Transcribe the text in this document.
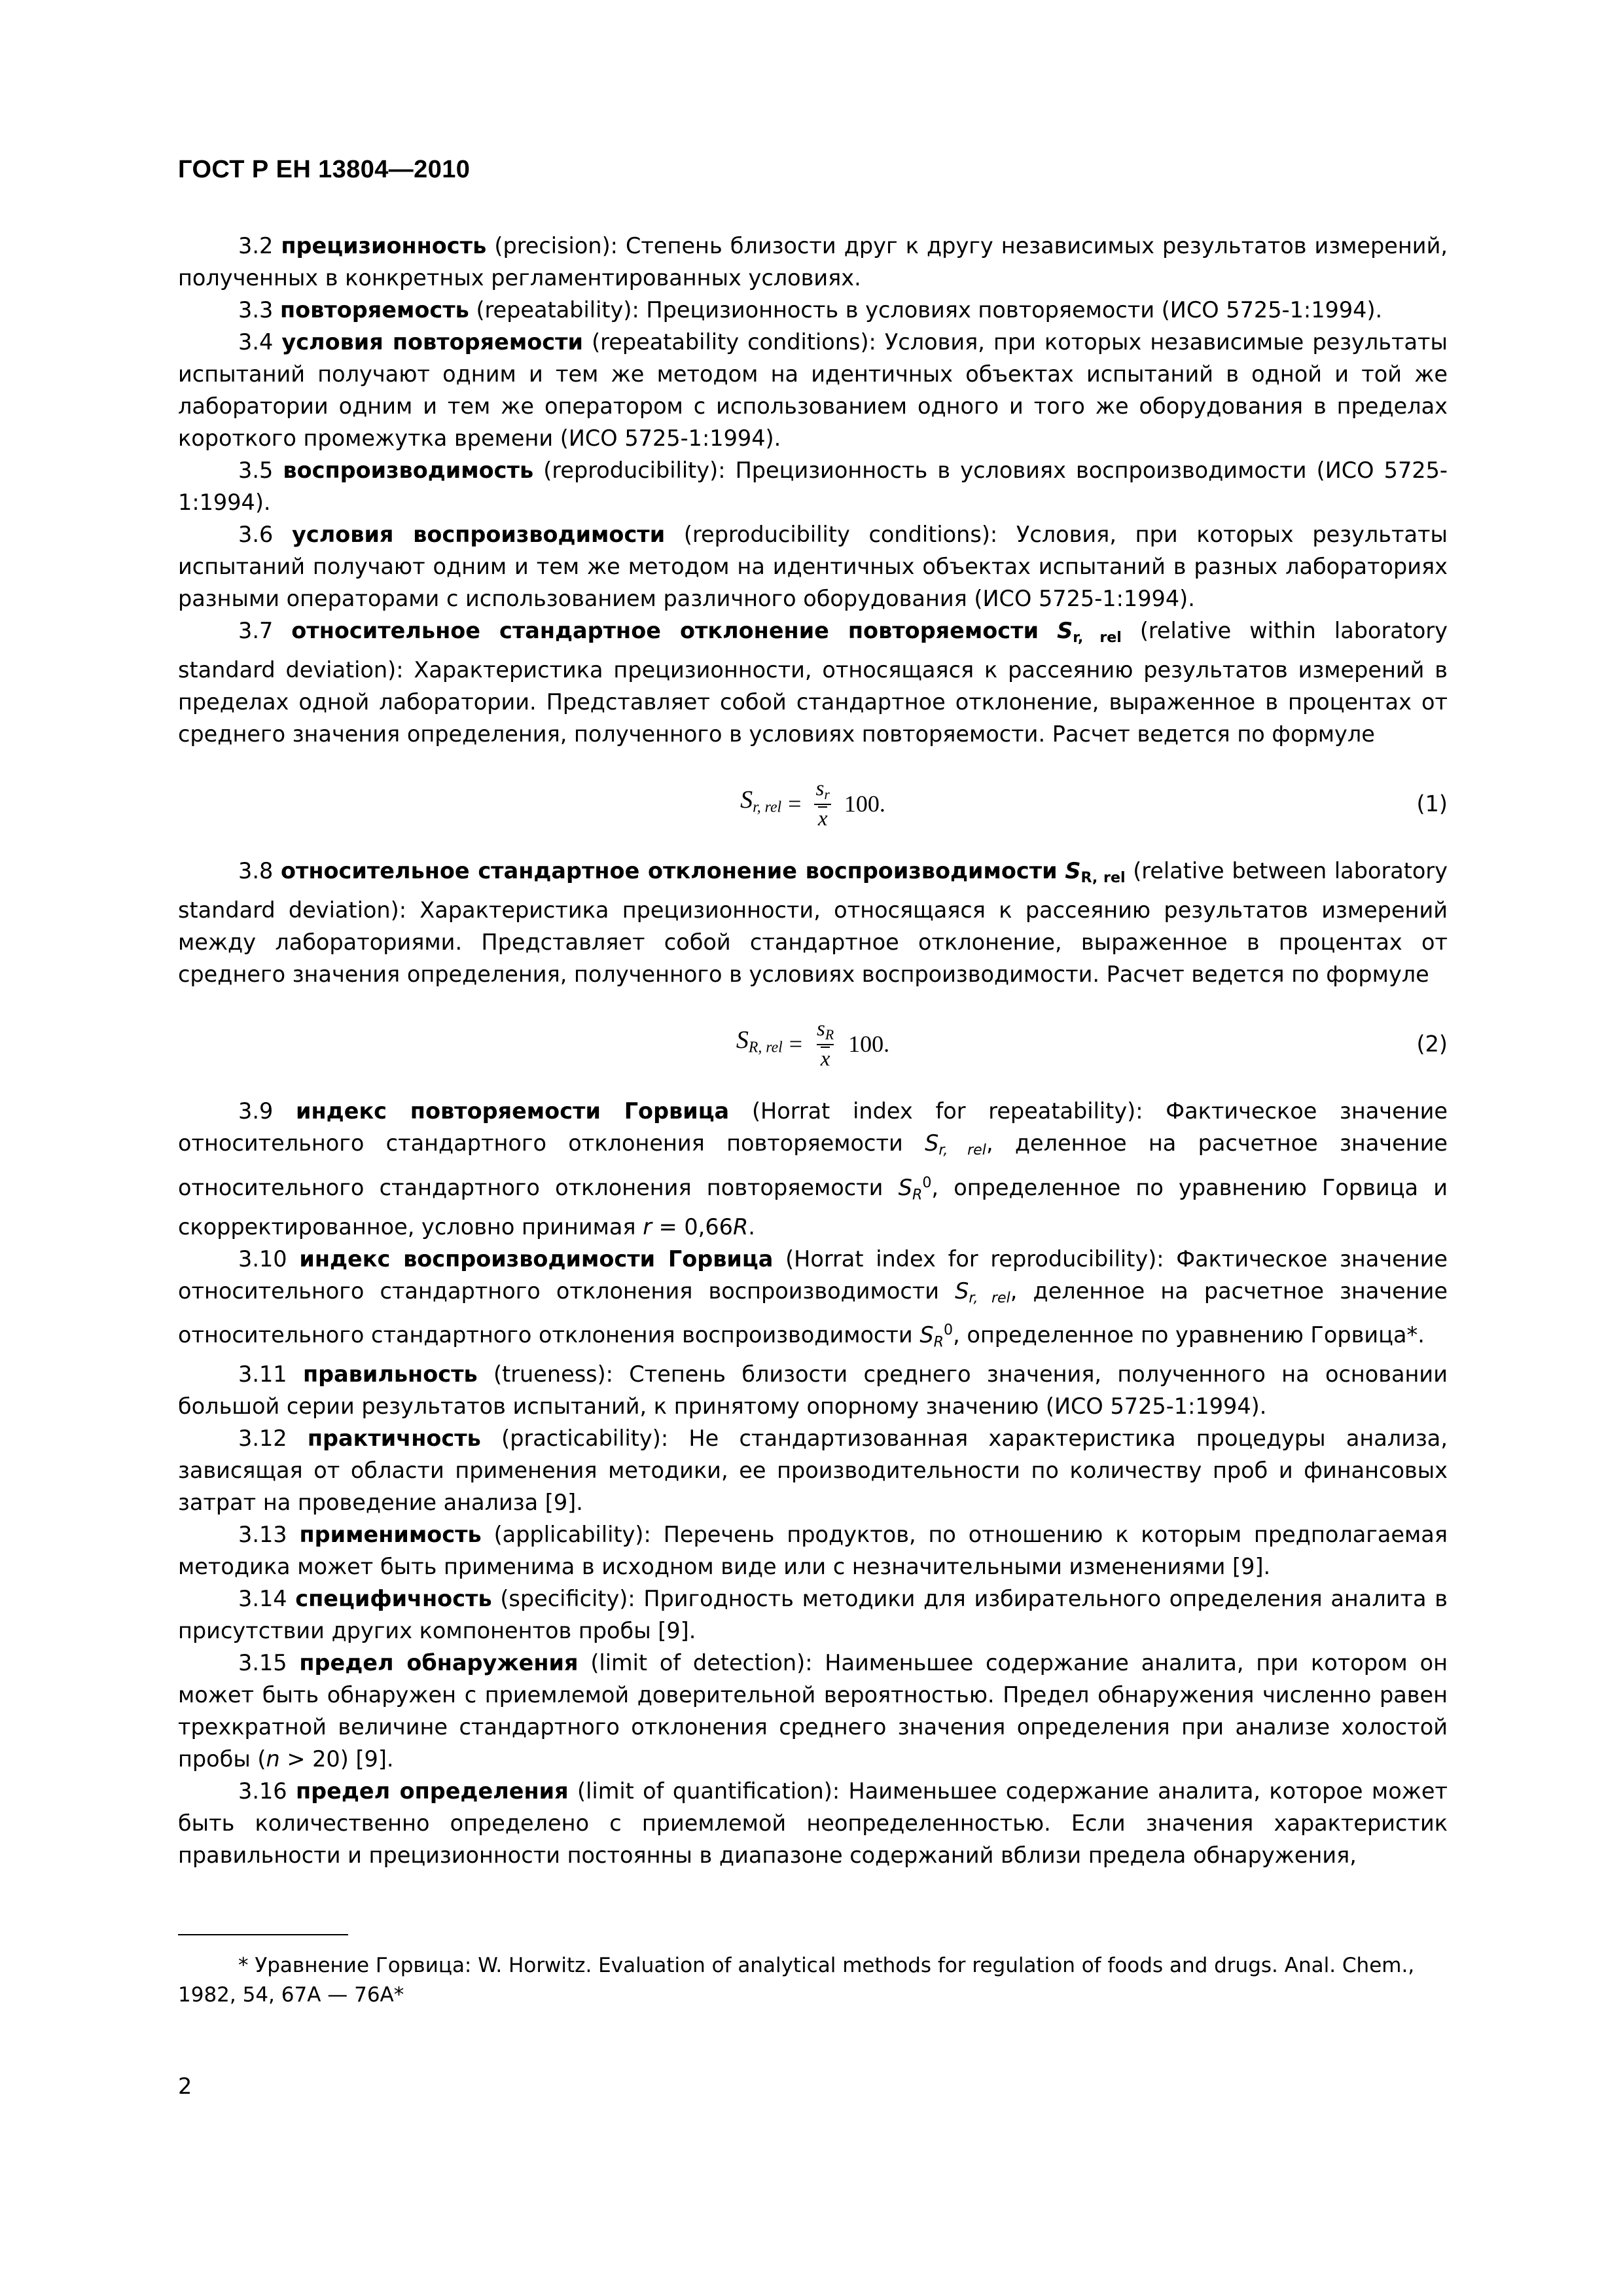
ГОСТ Р ЕН 13804—2010

3.2 прецизионность (precision): Степень близости друг к другу независимых результатов измерений, полученных в конкретных регламентированных условиях.

3.3 повторяемость (repeatability): Прецизионность в условиях повторяемости (ИСО 5725-1:1994).

3.4 условия повторяемости (repeatability conditions): Условия, при которых независимые результаты испытаний получают одним и тем же методом на идентичных объектах испытаний в одной и той же лаборатории одним и тем же оператором с использованием одного и того же оборудования в пределах короткого промежутка времени (ИСО 5725-1:1994).

3.5 воспроизводимость (reproducibility): Прецизионность в условиях воспроизводимости (ИСО 5725-1:1994).

3.6 условия воспроизводимости (reproducibility conditions): Условия, при которых результаты испытаний получают одним и тем же методом на идентичных объектах испытаний в разных лабораториях разными операторами с использованием различного оборудования (ИСО 5725-1:1994).

3.7 относительное стандартное отклонение повторяемости $S_{r, rel}$ (relative within laboratory standard deviation): Характеристика прецизионности, относящаяся к рассеянию результатов измерений в пределах одной лаборатории. Представляет собой стандартное отклонение, выраженное в процентах от среднего значения определения, полученного в условиях повторяемости. Расчет ведется по формуле

$S_{r, rel} = \frac{s_r}{x} 100$.	(1)

3.8 относительное стандартное отклонение воспроизводимости $S_{R, rel}$ (relative between laboratory standard deviation): Характеристика прецизионности, относящаяся к рассеянию результатов измерений между лабораториями. Представляет собой стандартное отклонение, выраженное в процентах от среднего значения определения, полученного в условиях воспроизводимости. Расчет ведется по формуле

$S_{R, rel} = \frac{s_R}{x} 100$.	(2)

3.9 индекс повторяемости Горвица (Horrat index for repeatability): Фактическое значение относительного стандартного отклонения повторяемости $S_{r, rel}$, деленное на расчетное значение относительного стандартного отклонения повторяемости $S_R^0$, определенное по уравнению Горвица и скорректированное, условно принимая r = 0,66R.

3.10 индекс воспроизводимости Горвица (Horrat index for reproducibility): Фактическое значение относительного стандартного отклонения воспроизводимости $S_{r, rel}$, деленное на расчетное значение относительного стандартного отклонения воспроизводимости $S_R^0$, определенное по уравнению Горвица*.

3.11 правильность (trueness): Степень близости среднего значения, полученного на основании большой серии результатов испытаний, к принятому опорному значению (ИСО 5725-1:1994).

3.12 практичность (practicability): Не стандартизованная характеристика процедуры анализа, зависящая от области применения методики, ее производительности по количеству проб и финансовых затрат на проведение анализа [9].

3.13 применимость (applicability): Перечень продуктов, по отношению к которым предполагаемая методика может быть применима в исходном виде или с незначительными изменениями [9].

3.14 специфичность (specificity): Пригодность методики для избирательного определения аналита в присутствии других компонентов пробы [9].

3.15 предел обнаружения (limit of detection): Наименьшее содержание аналита, при котором он может быть обнаружен с приемлемой доверительной вероятностью. Предел обнаружения численно равен трехкратной величине стандартного отклонения среднего значения определения при анализе холостой пробы (n > 20) [9].

3.16 предел определения (limit of quantification): Наименьшее содержание аналита, которое может быть количественно определено с приемлемой неопределенностью. Если значения характеристик правильности и прецизионности постоянны в диапазоне содержаний вблизи предела обнаружения,

* Уравнение Горвица: W. Horwitz. Evaluation of analytical methods for regulation of foods and drugs. Anal. Chem.,

1982, 54, 67А — 76А*

2
